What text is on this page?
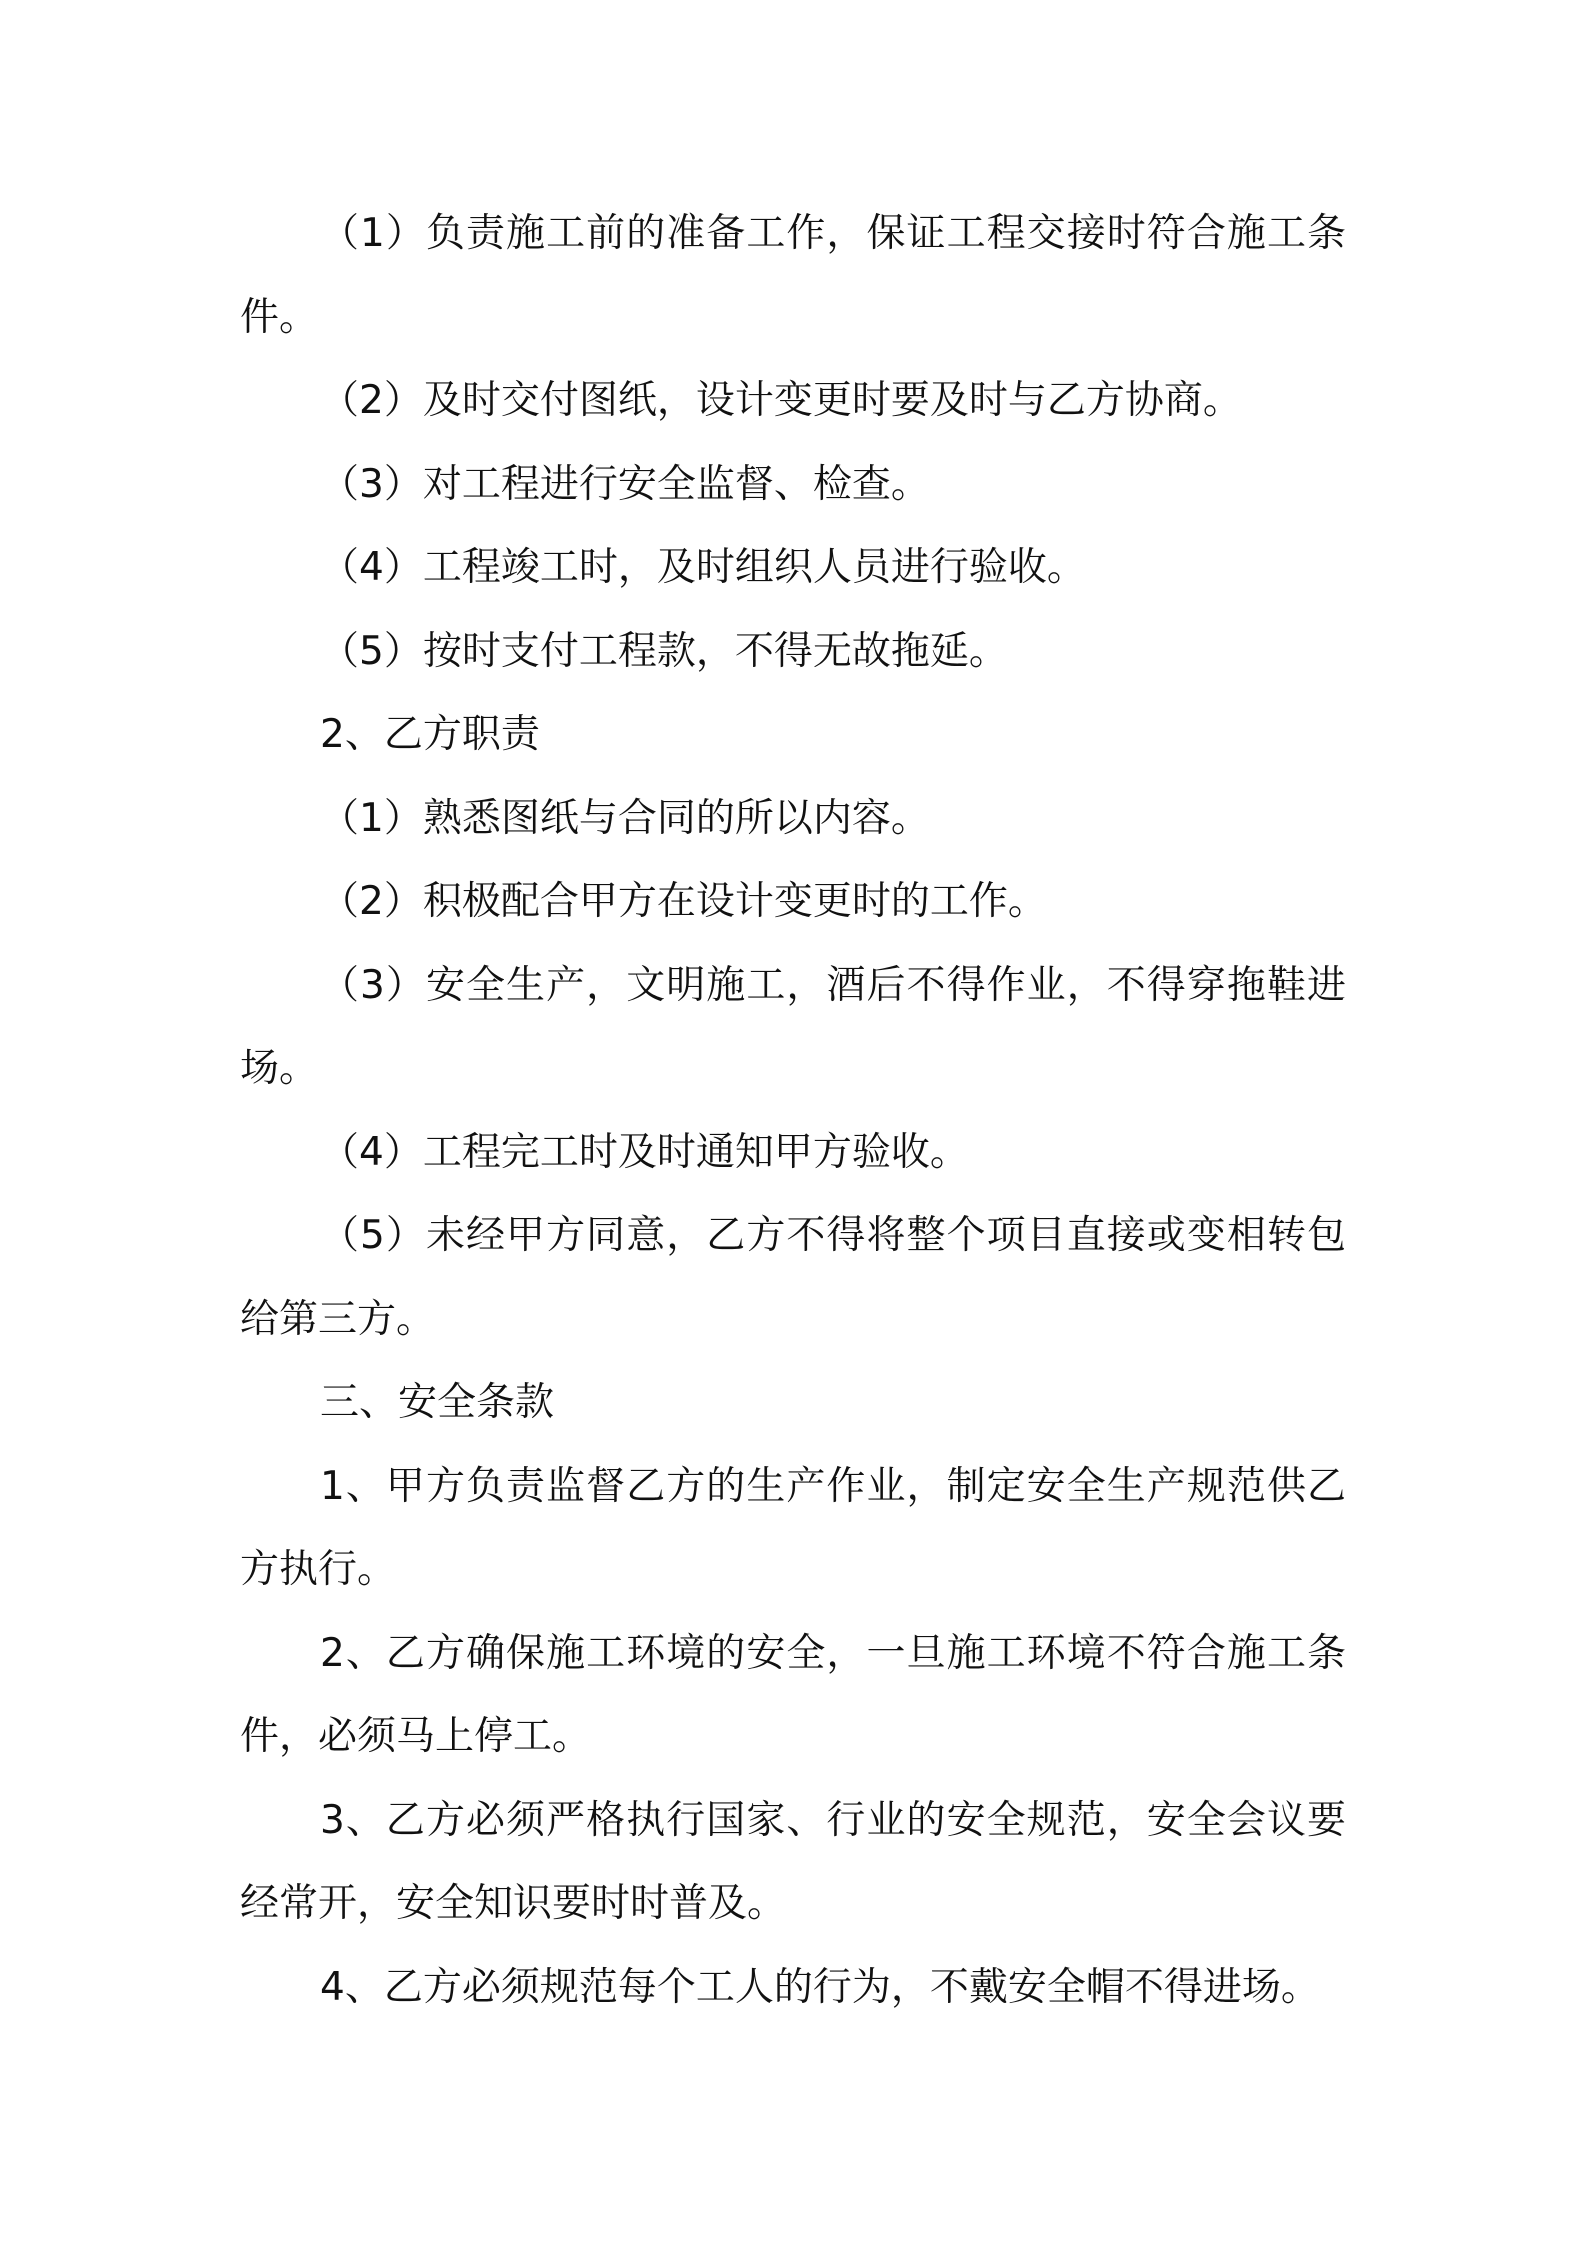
（1）负责施工前的准备工作，保证工程交接时符合施工条件。

（2）及时交付图纸，设计变更时要及时与乙方协商。

（3）对工程进行安全监督、检查。

（4）工程竣工时，及时组织人员进行验收。

（5）按时支付工程款，不得无故拖延。

2、乙方职责

（1）熟悉图纸与合同的所以内容。

（2）积极配合甲方在设计变更时的工作。

（3）安全生产，文明施工，酒后不得作业，不得穿拖鞋进场。

（4）工程完工时及时通知甲方验收。

（5）未经甲方同意，乙方不得将整个项目直接或变相转包给第三方。

三、安全条款

1、甲方负责监督乙方的生产作业，制定安全生产规范供乙方执行。

2、乙方确保施工环境的安全，一旦施工环境不符合施工条件，必须马上停工。

3、乙方必须严格执行国家、行业的安全规范，安全会议要经常开，安全知识要时时普及。

4、乙方必须规范每个工人的行为，不戴安全帽不得进场。
